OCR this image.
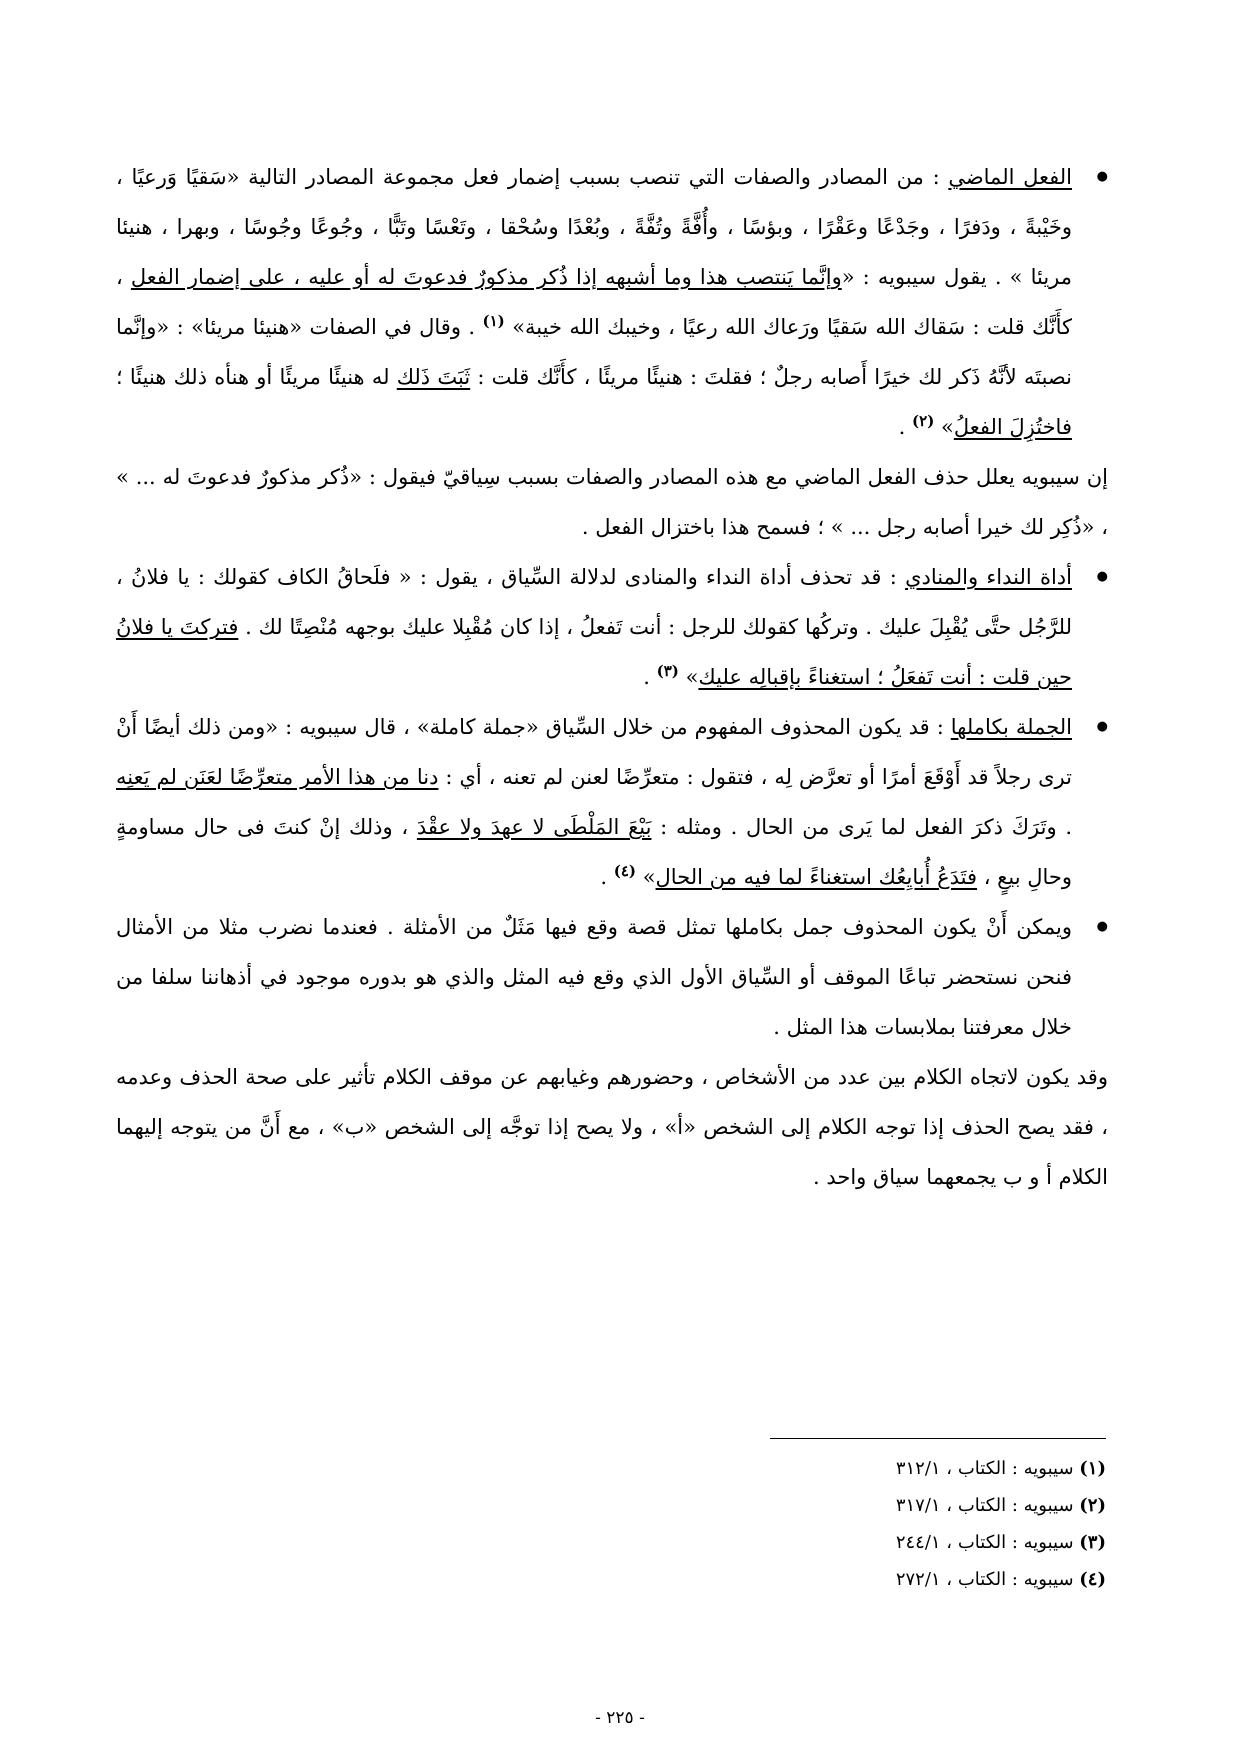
● الفعل الماضي : من المصادر والصفات التي تنصب بسبب إضمار فعل مجموعة المصادر التالية «سَقيًا وَرعيًا ، وخَيْبةً ، ودَفرًا ، وجَدْعًا وعَقْرًا ، وبؤسًا ، وأُفَّةً وتُفَّةً ، وبُعْدًا وسُحْقا ، وتَعْسًا وتَبًّا ، وجُوعًا وجُوسًا ، وبهرا ، هنيئا مريئا » . يقول سيبويه : «وإنَّما يَنتصب هذا وما أشبهه إذا ذُكر مذكورٌ فدعوتَ له أو عليه ، على إضمار الفعل ، كأَنَّك قلت : سَقاك الله سَقيًا ورَعاك الله رعيًا ، وخيبك الله خيبة» $^{(١)}$ . وقال في الصفات «هنيئا مريئا» : «وإنَّما نصبتَه لأنَّهُ ذَكر لك خيرًا أَصابه رجلٌ ؛ فقلتَ : هنيئًا مريئًا ، كأَنَّك قلت : ثَبَتَ ذَلك له هنيئًا مريئًا أو هنأه ذلك هنيئًا ؛ فاختُزِلَ الفعلُ» $^{(٢)}$ .

إن سيبويه يعلل حذف الفعل الماضي مع هذه المصادر والصفات بسبب سِياقيّ فيقول : «ذُكر مذكورٌ فدعوتَ له ... » ، «ذُكِر لك خيرا أصابه رجل ... » ؛ فسمح هذا باختزال الفعل .

● أداة النداء والمنادي : قد تحذف أداة النداء والمنادى لدلالة السِّياق ، يقول : « فلَحاقُ الكاف كقولك : يا فلانُ ، للرَّجُل حتَّى يُقْبِلَ عليك . وتركُها كقولك للرجل : أنت تَفعلُ ، إذا كان مُقْبِلا عليك بوجهه مُنْصِتًا لك . فتركتَ يا فلانُ حين قلت : أنت تَفعَلُ ؛ استغناءً بإقبالِه عليك» $^{(٣)}$ .

● الجملة بكاملها : قد يكون المحذوف المفهوم من خلال السِّياق «جملة كاملة» ، قال سيبويه : «ومن ذلك أيضًا أَنْ ترى رجلاً قد أَوْقَعَ أمرًا أو تعرَّض لِه ، فتقول : متعرِّضًا لعنن لم تعنه ، أي : دنا من هذا الأمر متعرِّضًا لعَنَن لم يَعنِه . وتَرَكَ ذكرَ الفعل لما يَرى من الحال . ومثله : بَيْعَ المَلْطَى لا عهدَ ولا عقْدَ ، وذلك إنْ كنتَ فى حال مساومةٍ وحالِ بيعٍ ، فتَدَعُ أُبايِعُك استغناءً لما فيه من الحال» $^{(٤)}$ .

● ويمكن أَنْ يكون المحذوف جمل بكاملها تمثل قصة وقع فيها مَثَلٌ من الأمثلة . فعندما نضرب مثلا من الأمثال فنحن نستحضر تباعًا الموقف أو السِّياق الأول الذي وقع فيه المثل والذي هو بدوره موجود في أذهاننا سلفا من خلال معرفتنا بملابسات هذا المثل .

وقد يكون لاتجاه الكلام بين عدد من الأشخاص ، وحضورهم وغيابهم عن موقف الكلام تأثير على صحة الحذف وعدمه ، فقد يصح الحذف إذا توجه الكلام إلى الشخص «أ» ، ولا يصح إذا توجَّه إلى الشخص «ب» ، مع أَنَّ من يتوجه إليهما الكلام أ و ب يجمعهما سياق واحد .

(١) سيبويه : الكتاب ، ٣١٢/١
(٢) سيبويه : الكتاب ، ٣١٧/١
(٣) سيبويه : الكتاب ، ٢٤٤/١
(٤) سيبويه : الكتاب ، ٢٧٢/١
- ٢٢٥ -
